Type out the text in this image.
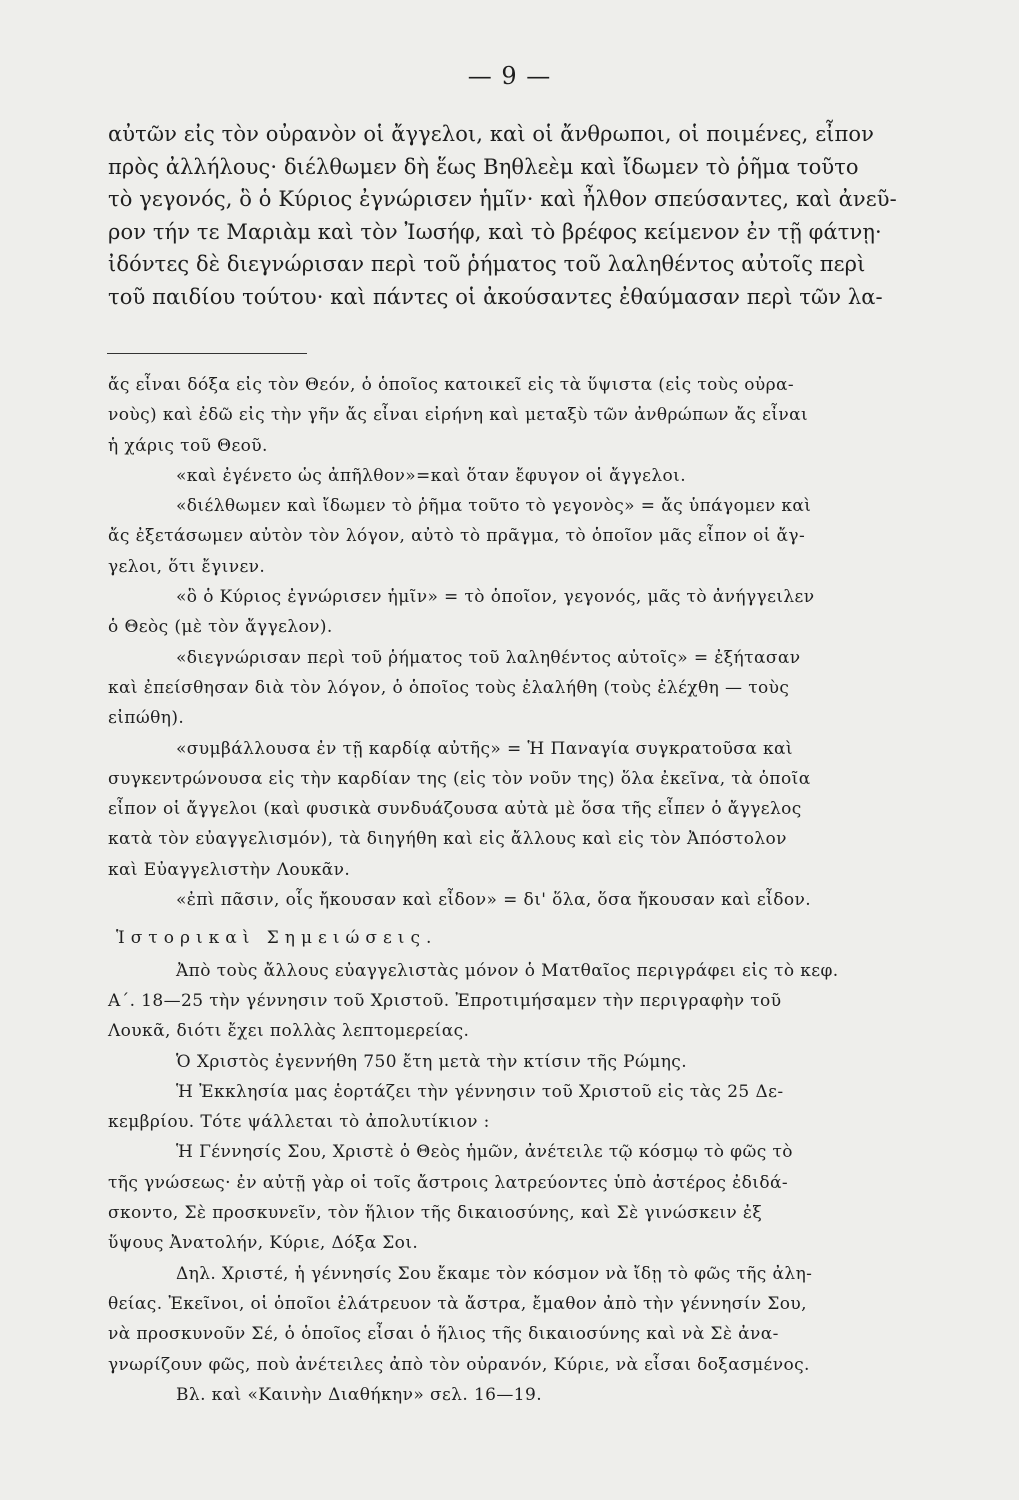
— 9 —

αὐτῶν εἰς τὸν οὐρανὸν οἱ ἄγγελοι, καὶ οἱ ἄνθρωποι, οἱ ποιμένες, εἶπον

πρὸς ἀλλήλους· διέλθωμεν δὴ ἕως Βηθλεὲμ καὶ ἴδωμεν τὸ ῥῆμα τοῦτο

τὸ γεγονός, ὃ ὁ Κύριος ἐγνώρισεν ἡμῖν· καὶ ἦλθον σπεύσαντες, καὶ ἀνεῦ-

ρον τήν τε Μαριὰμ καὶ τὸν Ἰωσήφ, καὶ τὸ βρέφος κείμενον ἐν τῇ φάτνῃ·

ἰδόντες δὲ διεγνώρισαν περὶ τοῦ ῥήματος τοῦ λαληθέντος αὐτοῖς περὶ

τοῦ παιδίου τούτου· καὶ πάντες οἱ ἀκούσαντες ἐθαύμασαν περὶ τῶν λα-

ἄς εἶναι δόξα εἰς τὸν Θεόν, ὁ ὁποῖος κατοικεῖ εἰς τὰ ὕψιστα (εἰς τοὺς οὐρα-

νοὺς) καὶ ἐδῶ εἰς τὴν γῆν ἄς εἶναι εἰρήνη καὶ μεταξὺ τῶν ἀνθρώπων ἄς εἶναι

ἡ χάρις τοῦ Θεοῦ.

«καὶ ἐγένετο ὡς ἀπῆλθον»=καὶ ὅταν ἔφυγον οἱ ἄγγελοι.

«διέλθωμεν καὶ ἴδωμεν τὸ ῥῆμα τοῦτο τὸ γεγονὸς» = ἄς ὑπάγομεν καὶ

ἄς ἐξετάσωμεν αὐτὸν τὸν λόγον, αὐτὸ τὸ πρᾶγμα, τὸ ὁποῖον μᾶς εἶπον οἱ ἄγ-

γελοι, ὅτι ἔγινεν.

«ὃ ὁ Κύριος ἐγνώρισεν ἡμῖν» = τὸ ὁποῖον, γεγονός, μᾶς τὸ ἀνήγγειλεν

ὁ Θεὸς (μὲ τὸν ἄγγελον).

«διεγνώρισαν περὶ τοῦ ῥήματος τοῦ λαληθέντος αὐτοῖς» = ἐξήτασαν

καὶ ἐπείσθησαν διὰ τὸν λόγον, ὁ ὁποῖος τοὺς ἐλαλήθη (τοὺς ἐλέχθη — τοὺς

εἰπώθη).

«συμβάλλουσα ἐν τῇ καρδίᾳ αὐτῆς» = Ἡ Παναγία συγκρατοῦσα καὶ

συγκεντρώνουσα εἰς τὴν καρδίαν της (εἰς τὸν νοῦν της) ὅλα ἐκεῖνα, τὰ ὁποῖα

εἶπον οἱ ἄγγελοι (καὶ φυσικὰ συνδυάζουσα αὐτὰ μὲ ὅσα τῆς εἶπεν ὁ ἄγγελος

κατὰ τὸν εὐαγγελισμόν), τὰ διηγήθη καὶ εἰς ἄλλους καὶ εἰς τὸν Ἀπόστολον

καὶ Εὐαγγελιστὴν Λουκᾶν.

«ἐπὶ πᾶσιν, οἷς ἤκουσαν καὶ εἶδον» = δι' ὅλα, ὅσα ἤκουσαν καὶ εἶδον.

Ἱστορικαὶ Σημειώσεις.

Ἀπὸ τοὺς ἄλλους εὐαγγελιστὰς μόνον ὁ Ματθαῖος περιγράφει εἰς τὸ κεφ.

Α΄. 18—25 τὴν γέννησιν τοῦ Χριστοῦ. Ἐπροτιμήσαμεν τὴν περιγραφὴν τοῦ

Λουκᾶ, διότι ἔχει πολλὰς λεπτομερείας.

Ὁ Χριστὸς ἐγεννήθη 750 ἔτη μετὰ τὴν κτίσιν τῆς Ρώμης.

Ἡ Ἐκκλησία μας ἑορτάζει τὴν γέννησιν τοῦ Χριστοῦ εἰς τὰς 25 Δε-

κεμβρίου. Τότε ψάλλεται τὸ ἀπολυτίκιον :

Ἡ Γέννησίς Σου, Χριστὲ ὁ Θεὸς ἡμῶν, ἀνέτειλε τῷ κόσμῳ τὸ φῶς τὸ

τῆς γνώσεως· ἐν αὐτῇ γὰρ οἱ τοῖς ἄστροις λατρεύοντες ὑπὸ ἀστέρος ἐδιδά-

σκοντο, Σὲ προσκυνεῖν, τὸν ἥλιον τῆς δικαιοσύνης, καὶ Σὲ γινώσκειν ἐξ

ὕψους Ἀνατολήν, Κύριε, Δόξα Σοι.

Δηλ. Χριστέ, ἡ γέννησίς Σου ἔκαμε τὸν κόσμον νὰ ἴδῃ τὸ φῶς τῆς ἀλη-

θείας. Ἐκεῖνοι, οἱ ὁποῖοι ἐλάτρευον τὰ ἄστρα, ἔμαθον ἀπὸ τὴν γέννησίν Σου,

νὰ προσκυνοῦν Σέ, ὁ ὁποῖος εἶσαι ὁ ἥλιος τῆς δικαιοσύνης καὶ νὰ Σὲ ἀνα-

γνωρίζουν φῶς, ποὺ ἀνέτειλες ἀπὸ τὸν οὐρανόν, Κύριε, νὰ εἶσαι δοξασμένος.

Βλ. καὶ «Καινὴν Διαθήκην» σελ. 16—19.
